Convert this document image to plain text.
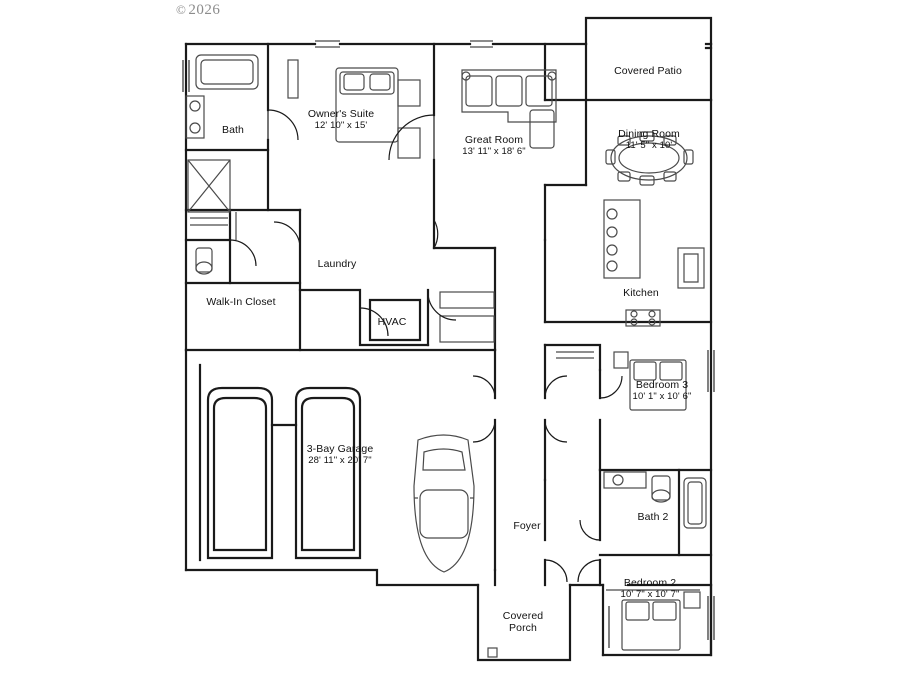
© 2026
Covered Patio
Owner's Suite
12' 10" x 15'
Bath
Great Room
13' 11" x 18' 6"
Dining Room
11' 5" x 10'
Laundry
Kitchen
Walk-In Closet
HVAC
Bedroom 3
10' 1" x 10' 6"
3-Bay Garage
28' 11" x 20' 7"
Bath 2
Foyer
Bedroom 2
10' 7" x 10' 7"
Covered
Porch
